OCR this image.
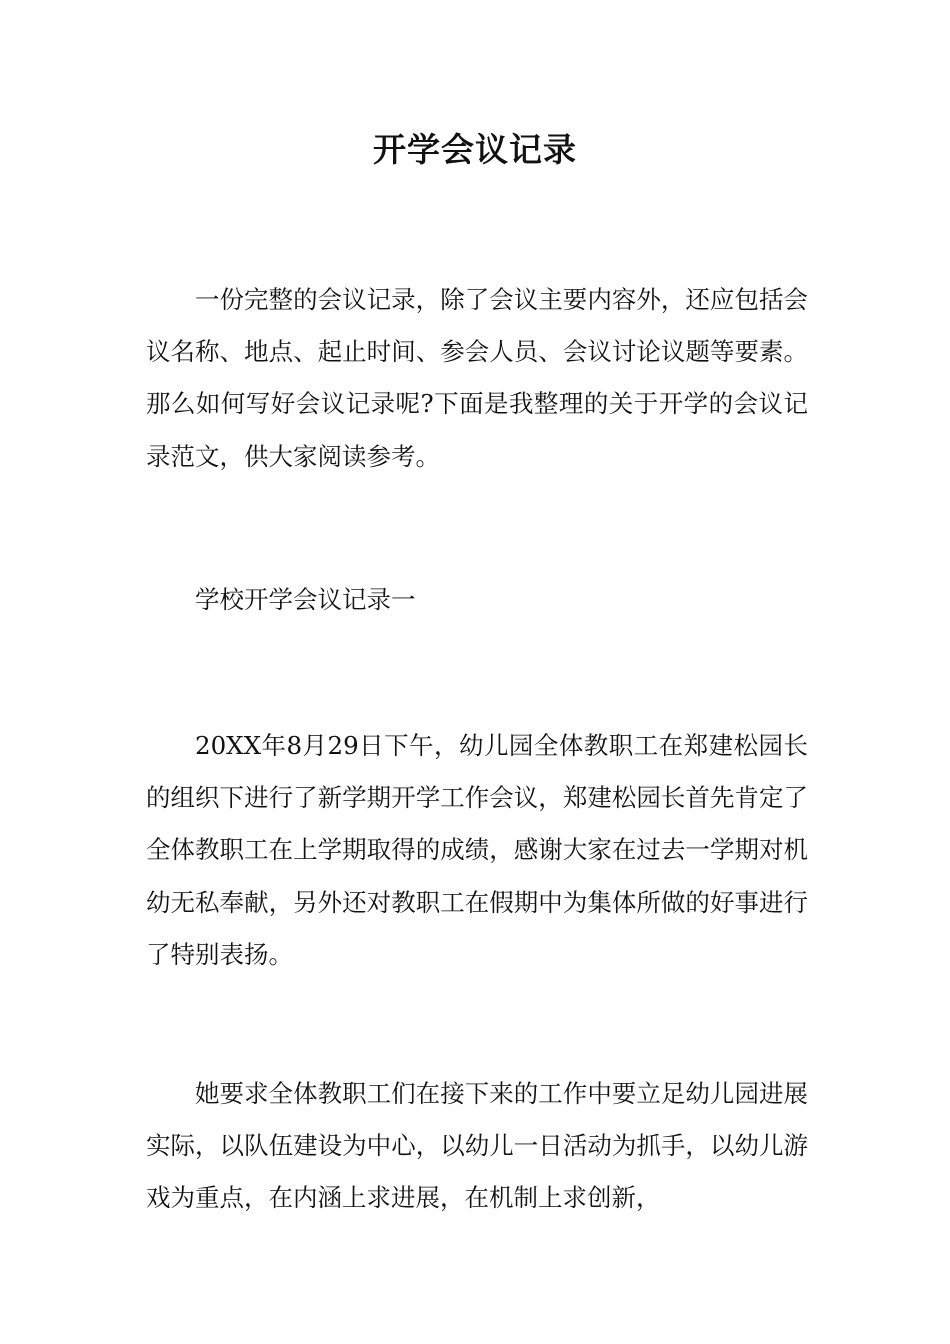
开学会议记录

一份完整的会议记录，除了会议主要内容外，还应包括会议名称、地点、起止时间、参会人员、会议讨论议题等要素。那么如何写好会议记录呢?下面是我整理的关于开学的会议记录范文，供大家阅读参考。

学校开学会议记录一

20XX年8月29日下午，幼儿园全体教职工在郑建松园长的组织下进行了新学期开学工作会议，郑建松园长首先肯定了全体教职工在上学期取得的成绩，感谢大家在过去一学期对机幼无私奉献，另外还对教职工在假期中为集体所做的好事进行了特别表扬。

她要求全体教职工们在接下来的工作中要立足幼儿园进展实际，以队伍建设为中心，以幼儿一日活动为抓手，以幼儿游戏为重点，在内涵上求进展，在机制上求创新，
